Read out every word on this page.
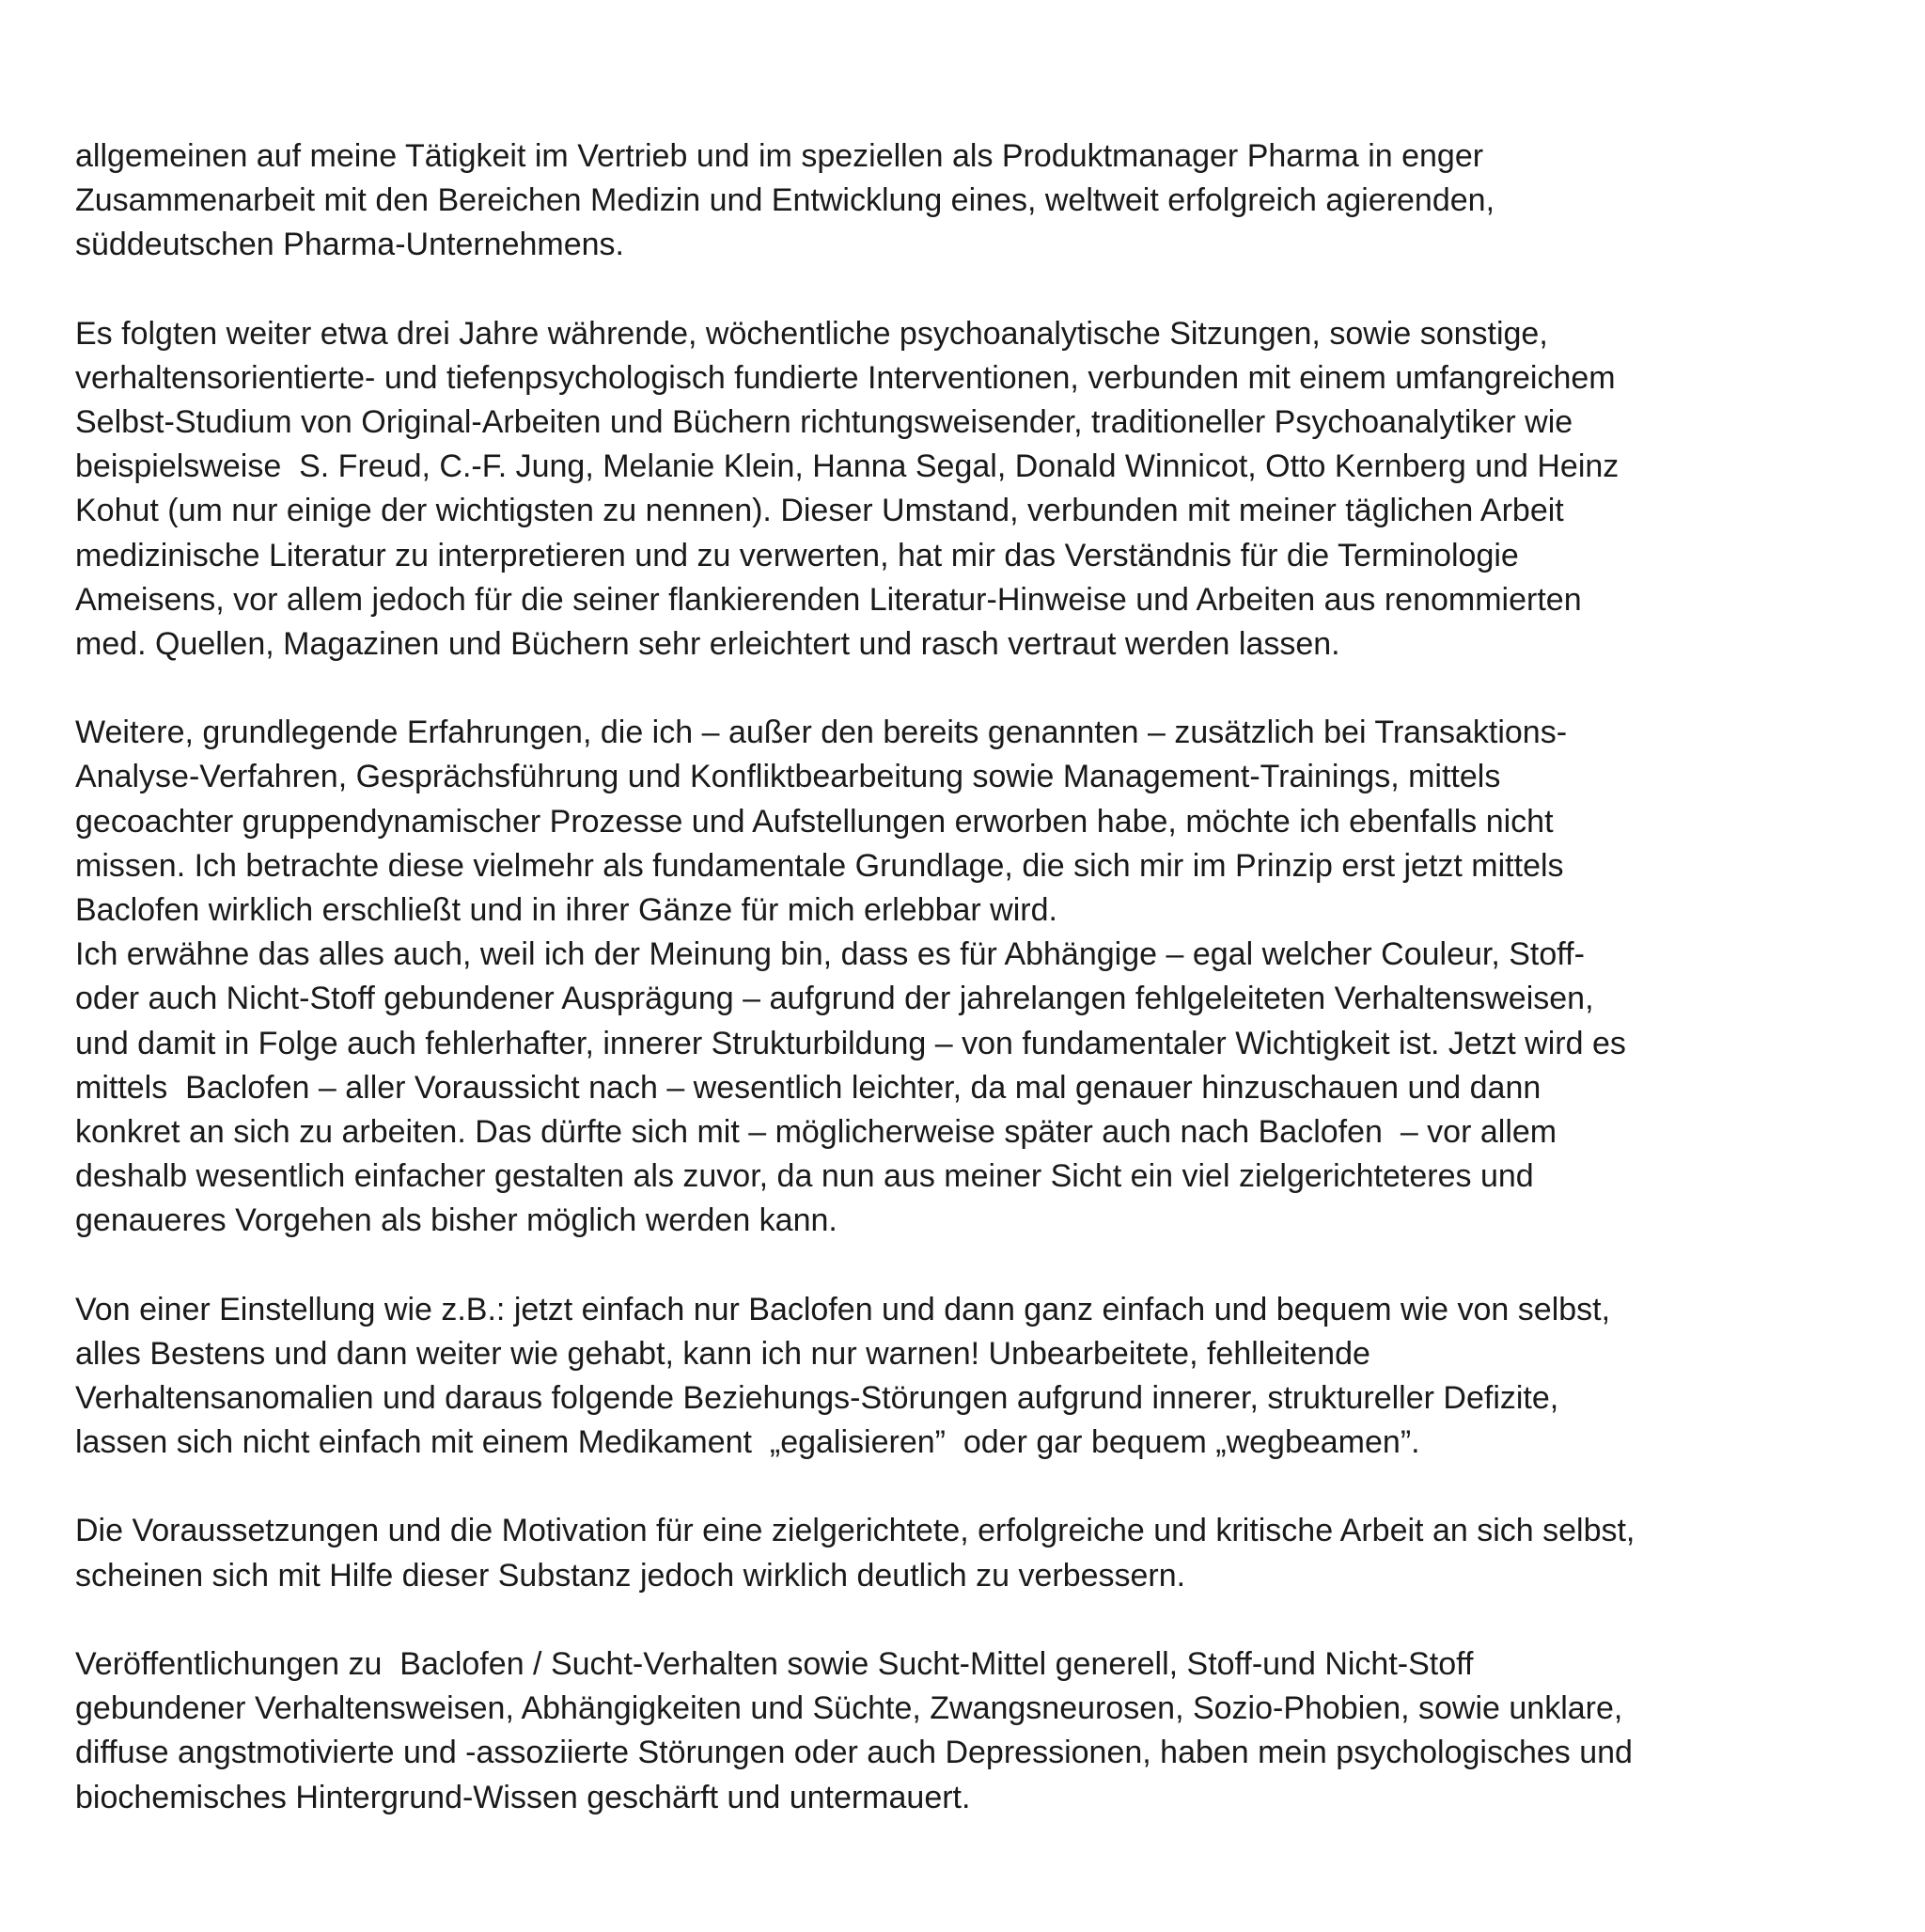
allgemeinen auf meine Tätigkeit im Vertrieb und im speziellen als Produktmanager Pharma in enger
Zusammenarbeit mit den Bereichen Medizin und Entwicklung eines, weltweit erfolgreich agierenden,
süddeutschen Pharma-Unternehmens.

Es folgten weiter etwa drei Jahre währende, wöchentliche psychoanalytische Sitzungen, sowie sonstige,
verhaltensorientierte- und tiefenpsychologisch fundierte Interventionen, verbunden mit einem umfangreichem
Selbst-Studium von Original-Arbeiten und Büchern richtungsweisender, traditioneller Psychoanalytiker wie
beispielsweise  S. Freud, C.-F. Jung, Melanie Klein, Hanna Segal, Donald Winnicot, Otto Kernberg und Heinz
Kohut (um nur einige der wichtigsten zu nennen). Dieser Umstand, verbunden mit meiner täglichen Arbeit
medizinische Literatur zu interpretieren und zu verwerten, hat mir das Verständnis für die Terminologie
Ameisens, vor allem jedoch für die seiner flankierenden Literatur-Hinweise und Arbeiten aus renommierten
med. Quellen, Magazinen und Büchern sehr erleichtert und rasch vertraut werden lassen.

Weitere, grundlegende Erfahrungen, die ich – außer den bereits genannten – zusätzlich bei Transaktions-
Analyse-Verfahren, Gesprächsführung und Konfliktbearbeitung sowie Management-Trainings, mittels
gecoachter gruppendynamischer Prozesse und Aufstellungen erworben habe, möchte ich ebenfalls nicht
missen. Ich betrachte diese vielmehr als fundamentale Grundlage, die sich mir im Prinzip erst jetzt mittels
Baclofen wirklich erschließt und in ihrer Gänze für mich erlebbar wird.
Ich erwähne das alles auch, weil ich der Meinung bin, dass es für Abhängige – egal welcher Couleur, Stoff-
oder auch Nicht-Stoff gebundener Ausprägung – aufgrund der jahrelangen fehlgeleiteten Verhaltensweisen,
und damit in Folge auch fehlerhafter, innerer Strukturbildung – von fundamentaler Wichtigkeit ist. Jetzt wird es
mittels  Baclofen – aller Voraussicht nach – wesentlich leichter, da mal genauer hinzuschauen und dann
konkret an sich zu arbeiten. Das dürfte sich mit – möglicherweise später auch nach Baclofen  – vor allem
deshalb wesentlich einfacher gestalten als zuvor, da nun aus meiner Sicht ein viel zielgerichteteres und
genaueres Vorgehen als bisher möglich werden kann.

Von einer Einstellung wie z.B.: jetzt einfach nur Baclofen und dann ganz einfach und bequem wie von selbst,
alles Bestens und dann weiter wie gehabt, kann ich nur warnen! Unbearbeitete, fehlleitende
Verhaltensanomalien und daraus folgende Beziehungs-Störungen aufgrund innerer, struktureller Defizite,
lassen sich nicht einfach mit einem Medikament  „egalisieren”  oder gar bequem „wegbeamen”.

Die Voraussetzungen und die Motivation für eine zielgerichtete, erfolgreiche und kritische Arbeit an sich selbst,
scheinen sich mit Hilfe dieser Substanz jedoch wirklich deutlich zu verbessern.

Veröffentlichungen zu  Baclofen / Sucht-Verhalten sowie Sucht-Mittel generell, Stoff-und Nicht-Stoff
gebundener Verhaltensweisen, Abhängigkeiten und Süchte, Zwangsneurosen, Sozio-Phobien, sowie unklare,
diffuse angstmotivierte und -assoziierte Störungen oder auch Depressionen, haben mein psychologisches und
biochemisches Hintergrund-Wissen geschärft und untermauert.
